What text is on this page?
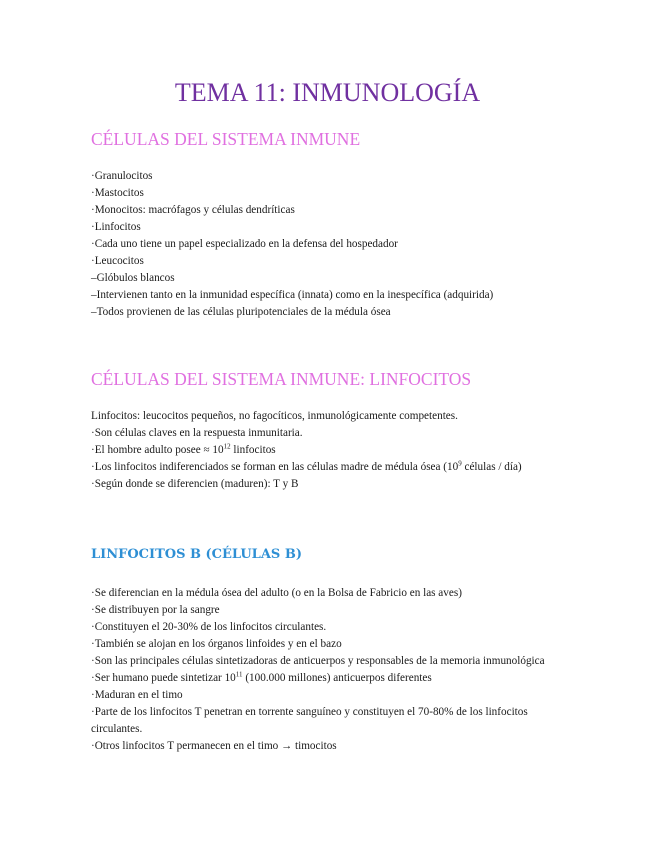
TEMA 11: INMUNOLOGÍA
CÉLULAS DEL SISTEMA INMUNE
·Granulocitos
·Mastocitos
·Monocitos: macrófagos y células dendríticas
·Linfocitos
·Cada uno tiene un papel especializado en la defensa del hospedador
·Leucocitos
–Glóbulos blancos
–Intervienen tanto en la inmunidad específica (innata) como en la inespecífica (adquirida)
–Todos provienen de las células pluripotenciales de la médula ósea
CÉLULAS DEL SISTEMA INMUNE: LINFOCITOS
Linfocitos: leucocitos pequeños, no fagocíticos, inmunológicamente competentes.
·Son células claves en la respuesta inmunitaria.
·El hombre adulto posee ≈ $10^{12}$ linfocitos
·Los linfocitos indiferenciados se forman en las células madre de médula ósea ($10^9$ células / día)
·Según donde se diferencien (maduren): T y B
LINFOCITOS B (CÉLULAS B)
·Se diferencian en la médula ósea del adulto (o en la Bolsa de Fabricio en las aves)
·Se distribuyen por la sangre
·Constituyen el 20-30% de los linfocitos circulantes.
·También se alojan en los órganos linfoides y en el bazo
·Son las principales células sintetizadoras de anticuerpos y responsables de la memoria inmunológica
·Ser humano puede sintetizar $10^{11}$ (100.000 millones) anticuerpos diferentes
·Maduran en el timo
·Parte de los linfocitos T penetran en torrente sanguíneo y constituyen el 70-80% de los linfocitos circulantes.
·Otros linfocitos T permanecen en el timo → timocitos
